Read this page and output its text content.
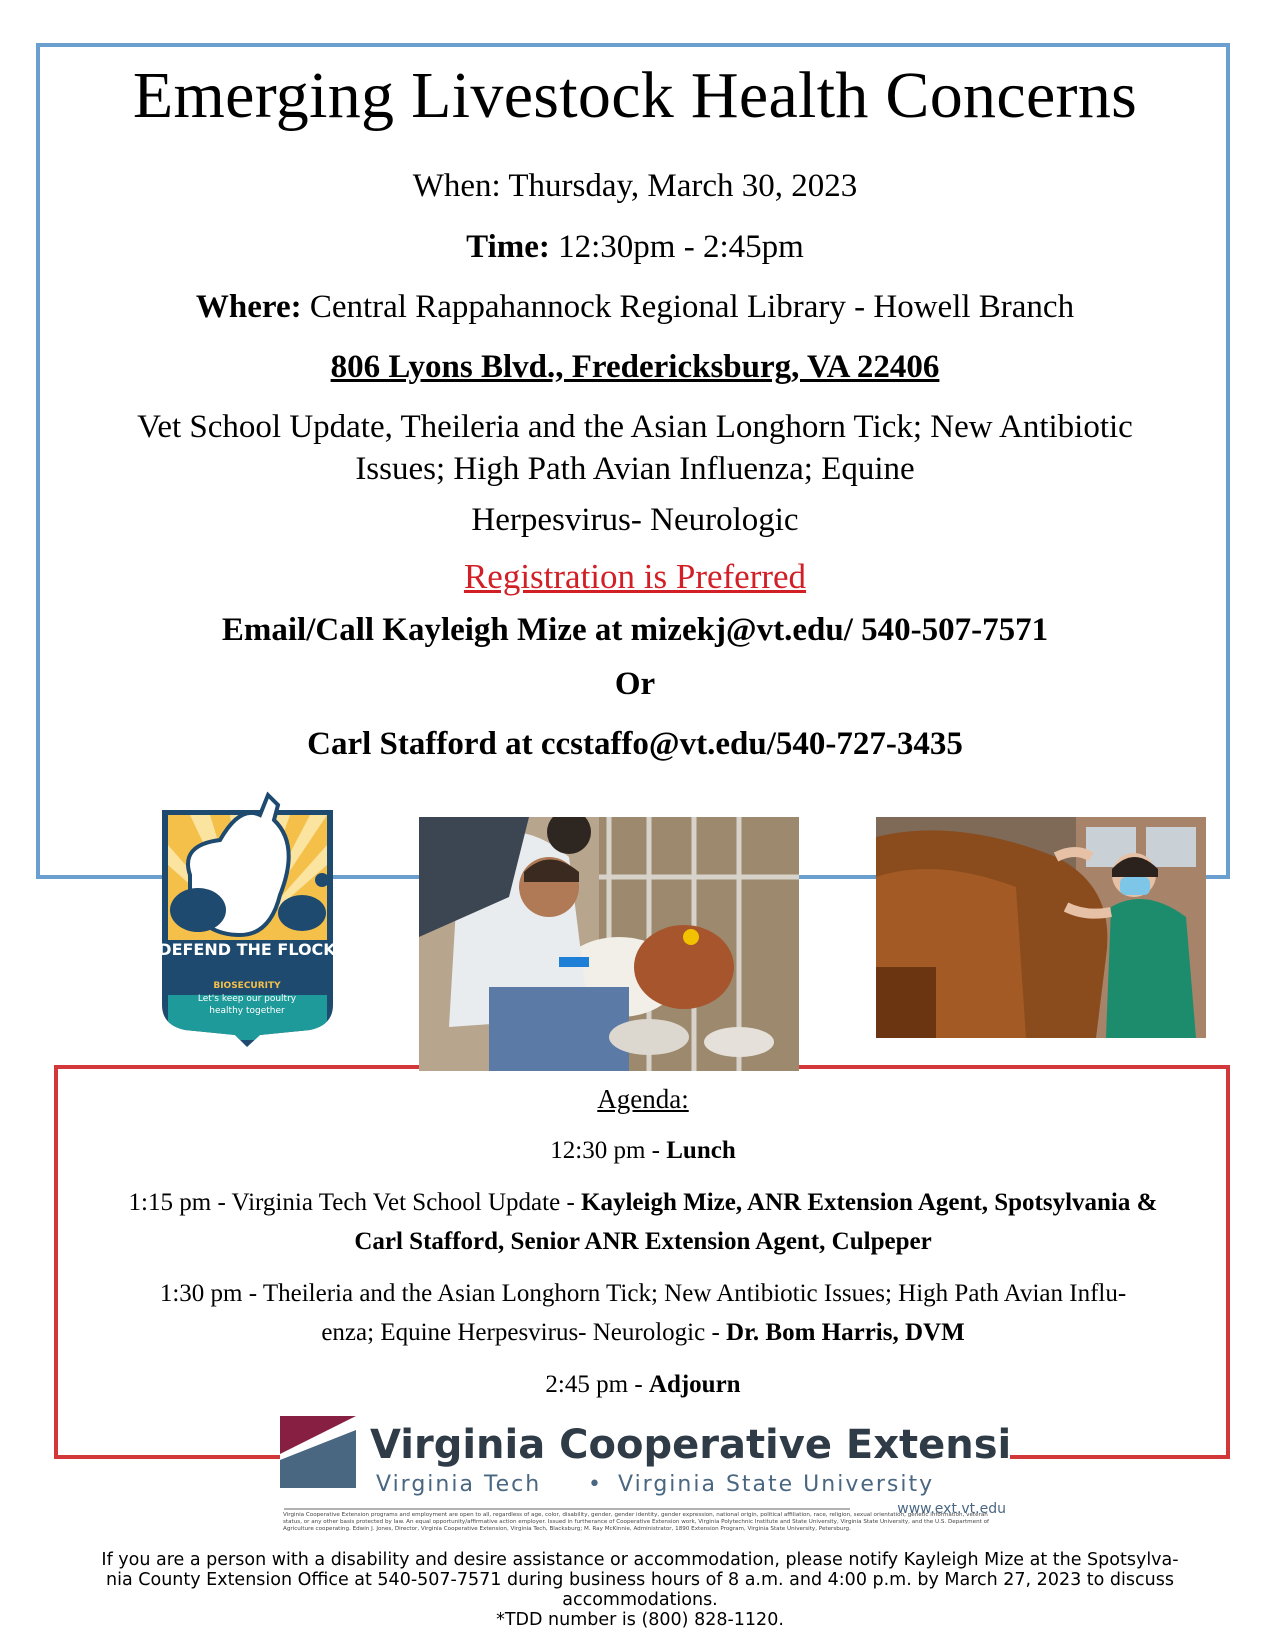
Emerging Livestock Health Concerns
When: Thursday, March 30, 2023
Time: 12:30pm - 2:45pm
Where: Central Rappahannock Regional Library - Howell Branch
806 Lyons Blvd., Fredericksburg, VA 22406
Vet School Update, Theileria and the Asian Longhorn Tick; New Antibiotic
Issues; High Path Avian Influenza; Equine
Herpesvirus- Neurologic
Registration is Preferred
Email/Call Kayleigh Mize at mizekj@vt.edu/ 540-507-7571
Or
Carl Stafford at ccstaffo@vt.edu/540-727-3435
DEFEND THE FLOCK
BIOSECURITY
Let's keep our poultry
healthy together
Agenda:
12:30 pm - Lunch
1:15 pm - Virginia Tech Vet School Update - Kayleigh Mize, ANR Extension Agent, Spotsylvania &
Carl Stafford, Senior ANR Extension Agent, Culpeper
1:30 pm - Theileria and the Asian Longhorn Tick; New Antibiotic Issues; High Path Avian Influ-
enza; Equine Herpesvirus- Neurologic - Dr. Bom Harris, DVM
2:45 pm - Adjourn
Virginia Cooperative Extension
Virginia Tech • Virginia State University
www.ext.vt.edu
Virginia Cooperative Extension programs and employment are open to all, regardless of age, color, disability, gender, gender identity, gender expression, national origin, political affiliation, race, religion, sexual orientation, genetic information, veteran status, or any other basis protected by law. An equal opportunity/affirmative action employer. Issued in furtherance of Cooperative Extension work, Virginia Polytechnic Institute and State University, Virginia State University, and the U.S. Department of Agriculture cooperating. Edwin J. Jones, Director, Virginia Cooperative Extension, Virginia Tech, Blacksburg; M. Ray McKinnie, Administrator, 1890 Extension Program, Virginia State University, Petersburg.
If you are a person with a disability and desire assistance or accommodation, please notify Kayleigh Mize at the Spotsylva-
nia County Extension Office at 540-507-7571 during business hours of 8 a.m. and 4:00 p.m. by March 27, 2023 to discuss
accommodations.
*TDD number is (800) 828-1120.
